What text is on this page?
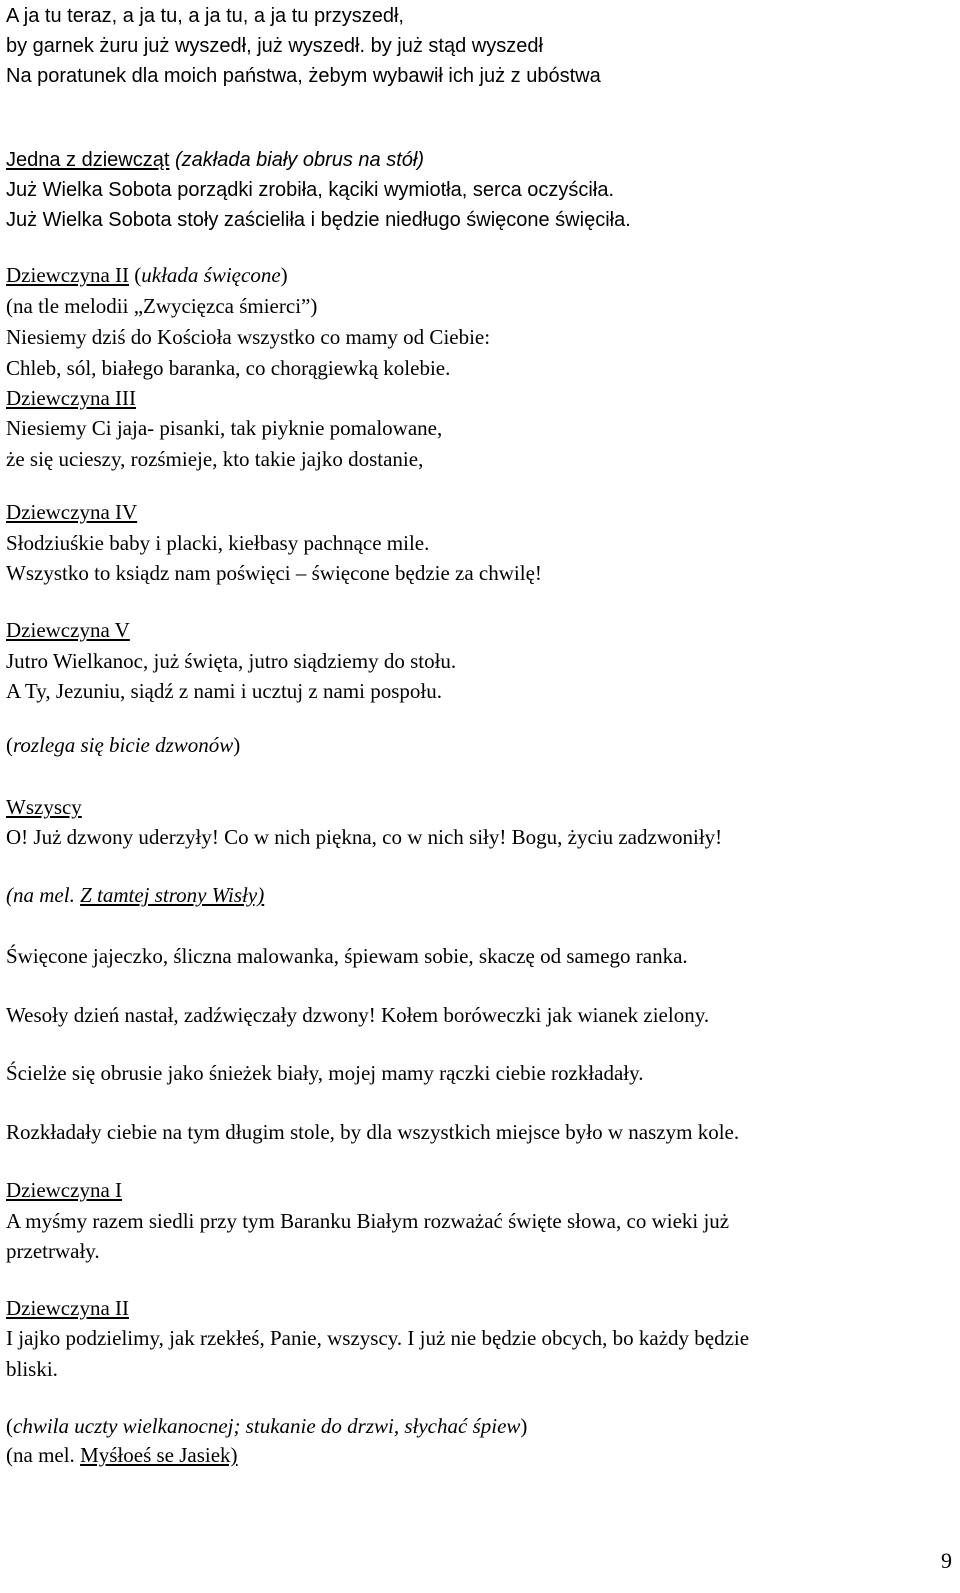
A ja tu teraz, a ja tu, a ja tu, a ja tu przyszedł,

by garnek żuru już wyszedł, już wyszedł. by już stąd wyszedł

Na poratunek dla moich państwa, żebym wybawił ich już z ubóstwa

Jedna z dziewcząt (zakłada biały obrus na stół)

Już Wielka Sobota porządki zrobiła, kąciki wymiotła, serca oczyściła.

Już Wielka Sobota stoły zaścieliła i będzie niedługo święcone święciła.

Dziewczyna II (układa święcone)

(na tle melodii „Zwycięzca śmierci”)

Niesiemy dziś do Kościoła wszystko co mamy od Ciebie:

Chleb, sól, białego baranka, co chorągiewką kolebie.

Dziewczyna III

Niesiemy Ci jaja- pisanki, tak piyknie pomalowane,

że się ucieszy, rozśmieje, kto takie jajko dostanie,

Dziewczyna IV

Słodziuśkie baby i placki, kiełbasy pachnące mile.

Wszystko to ksiądz nam poświęci – święcone będzie za chwilę!

Dziewczyna V

Jutro Wielkanoc, już święta, jutro siądziemy do stołu.

A Ty, Jezuniu, siądź z nami i ucztuj z nami pospołu.

(rozlega się bicie dzwonów)

Wszyscy

O! Już dzwony uderzyły! Co w nich piękna, co w nich siły! Bogu, życiu zadzwoniły!

(na mel. Z tamtej strony Wisły)

Święcone jajeczko, śliczna malowanka, śpiewam sobie, skaczę od samego ranka.

Wesoły dzień nastał, zadźwięczały dzwony! Kołem boróweczki jak wianek zielony.

Ścielże się obrusie jako śnieżek biały, mojej mamy rączki ciebie rozkładały.

Rozkładały ciebie na tym długim stole, by dla wszystkich miejsce było w naszym kole.

Dziewczyna I

A myśmy razem siedli przy tym Baranku Białym rozważać święte słowa, co wieki już

przetrwały.

Dziewczyna II

I jajko podzielimy, jak rzekłeś, Panie, wszyscy. I już nie będzie obcych, bo każdy będzie

bliski.

(chwila uczty wielkanocnej; stukanie do drzwi, słychać śpiew)

(na mel. Myśłoeś se Jasiek)

9
